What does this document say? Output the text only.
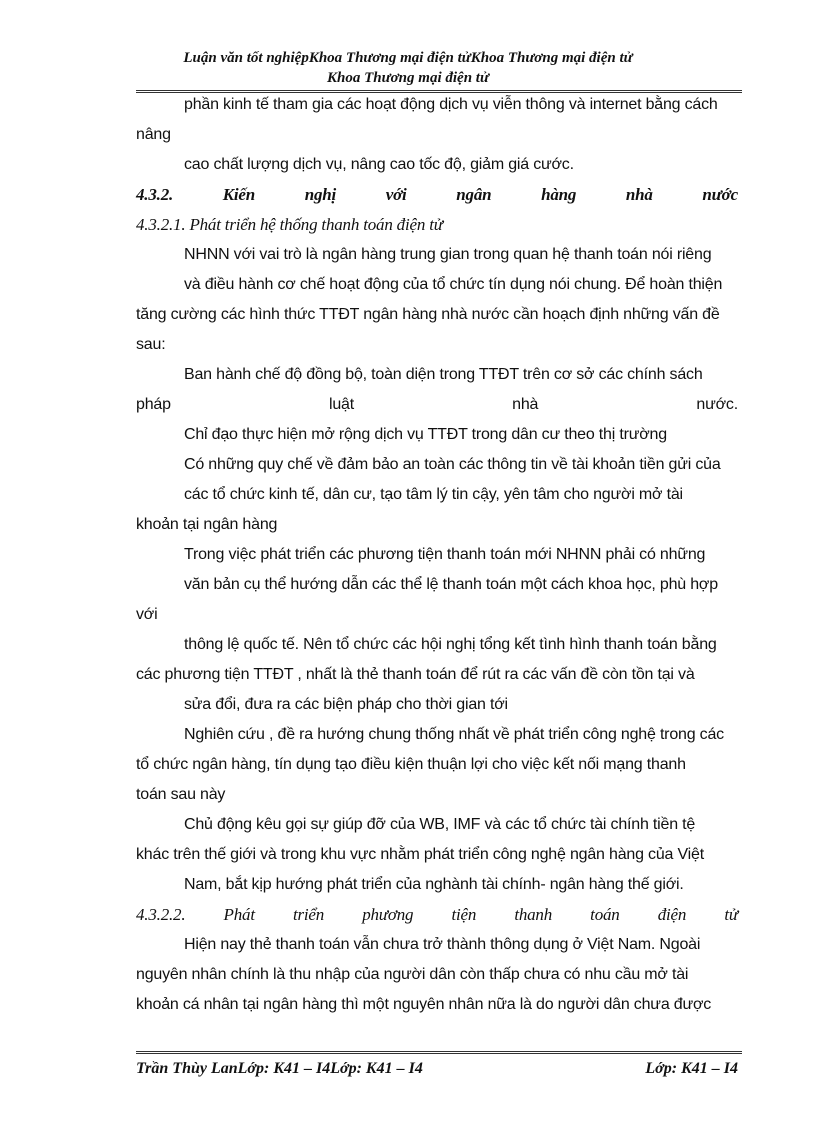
Luận văn tốt nghiệpKhoa Thương mại điện tửKhoa Thương mại điện tử
Khoa Thương mại điện tử
phần kinh tế tham gia các hoạt động dịch vụ viễn thông và internet bằng cách
nâng
cao chất lượng dịch vụ, nâng cao tốc độ, giảm giá cước.
4.3.2.	Kiến	nghị	với	ngân	hàng	nhà	nước
4.3.2.1. Phát triển hệ thống thanh toán điện tử
NHNN với vai trò là ngân hàng trung gian trong quan hệ thanh toán nói riêng
và điều hành cơ chế hoạt động của tổ chức tín dụng nói chung. Để hoàn thiện
tăng cường các hình thức TTĐT ngân hàng nhà nước cần hoạch định những vấn đề
sau:
Ban hành chế độ đồng bộ, toàn diện trong TTĐT trên cơ sở các chính sách
pháp	luật	nhà	nước.
Chỉ đạo thực hiện mở rộng dịch vụ TTĐT trong dân cư theo thị trường
Có những quy chế về đảm bảo an toàn các thông tin về tài khoản tiền gửi của
các tổ chức kinh tế, dân cư, tạo tâm lý tin cậy, yên tâm cho người mở tài
khoản tại ngân hàng
Trong việc phát triển các phương tiện thanh toán mới NHNN phải có những
văn bản cụ thể hướng dẫn các thể lệ thanh toán một cách khoa học, phù hợp
với
thông lệ quốc tế. Nên tổ chức các hội nghị tổng kết tình hình thanh toán bằng
các phương tiện TTĐT , nhất là thẻ thanh toán để rút ra các vấn đề còn tồn tại và
sửa đổi, đưa ra các biện pháp cho thời gian tới
Nghiên cứu , đề ra hướng chung thống nhất về phát triển công nghệ trong các
tổ chức ngân hàng, tín dụng tạo điều kiện thuận lợi cho việc kết nối mạng thanh
toán sau này
Chủ động kêu gọi sự giúp đỡ của WB, IMF và các tổ chức tài chính tiền tệ
khác trên thế giới và trong khu vực nhằm phát triển công nghệ ngân hàng của Việt
Nam, bắt kịp hướng phát triển của nghành tài chính- ngân hàng thế giới.
4.3.2.2. Phát triển phương tiện thanh toán điện tử
Hiện nay thẻ thanh toán vẫn chưa trở thành thông dụng ở Việt Nam. Ngoài
nguyên nhân chính là thu nhập của người dân còn thấp chưa có nhu cầu mở tài
khoản cá nhân tại ngân hàng thì một nguyên nhân nữa là do người dân chưa được
Trần Thùy LanLớp: K41 – I4Lớp: K41 – I4	Lớp: K41 – I4
